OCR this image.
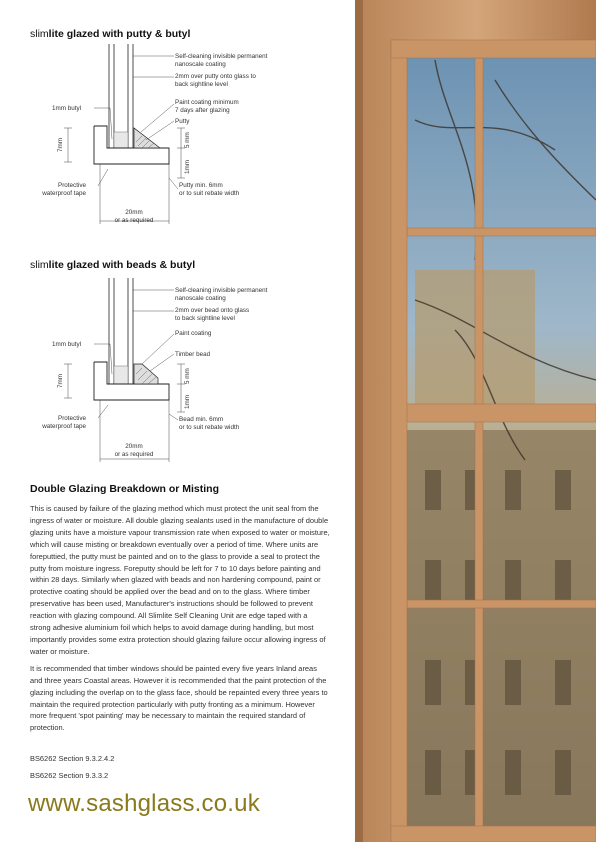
slimlite glazed with putty & butyl
Self-cleaning invisible permanent
nanoscale coating
2mm over putty onto glass to
back sightline level
Paint coating minimum
7 days after glazing
Putty
1mm butyl
7mm	5 mm
1mm
Protective
waterproof tape
Putty min. 6mm
or to suit rebate width
20mm
or as required
slimlite glazed with beads & butyl
Self-cleaning invisible permanent
nanoscale coating
2mm over bead onto glass
to back sightline level
Paint coating
Timber bead
1mm butyl
7mm	5 mm
1mm
Protective
waterproof tape
Bead min. 6mm
or to suit rebate width
20mm
or as required
Double Glazing Breakdown or Misting

This is caused by failure of the glazing method which must protect the unit seal from the ingress of water or moisture. All double glazing sealants used in the manufacture of double glazing units have a moisture vapour transmission rate when exposed to water or moisture, which will cause misting or breakdown eventually over a period of time. Where units are foreputtied, the putty must be painted and on to the glass to provide a seal to protect the putty from moisture ingress. Foreputty should be left for 7 to 10 days before painting and within 28 days. Similarly when glazed with beads and non hardening compound, paint or protective coating should be applied over the bead and on to the glass. Where timber preservative has been used, Manufacturer's instructions should be followed to prevent reaction with glazing compound. All Slimlite Self Cleaning Unit are edge taped with a strong adhesive aluminium foil which helps to avoid damage during handling, but most importantly provides some extra protection should glazing failure occur allowing ingress of water or moisture.

It is recommended that timber windows should be painted every five years Inland areas and three years Coastal areas. However it is recommended that the paint protection of the glazing including the overlap on to the glass face, should be repainted every three years to maintain the required protection particularly with putty fronting as a minimum. However more frequent 'spot painting' may be necessary to maintain the required standard of protection.

BS6262 Section 9.3.2.4.2
BS6262 Section 9.3.3.2
www.sashglass.co.uk
